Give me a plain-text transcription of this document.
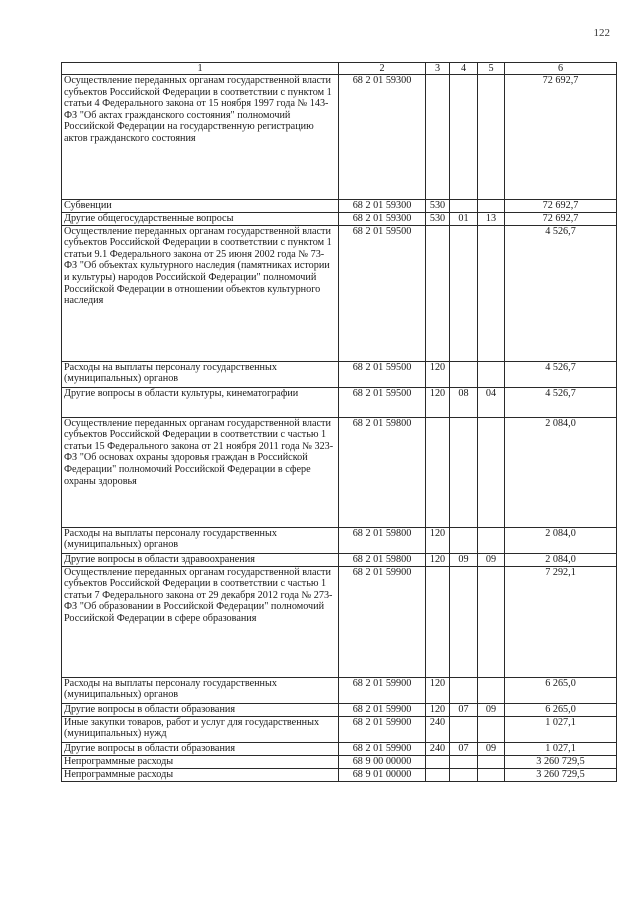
122
1	2	3	4	5	6
Осуществление переданных органам государственной власти субъектов Российской Федерации в соответствии с пунктом 1 статьи 4 Федерального закона от 15 ноября 1997 года № 143-ФЗ "Об актах гражданского состояния" полномочий Российской Федерации на государственную регистрацию актов гражданского состояния	68 2 01 59300				72 692,7
Субвенции	68 2 01 59300	530			72 692,7
Другие общегосударственные вопросы	68 2 01 59300	530	01	13	72 692,7
Осуществление переданных органам государственной власти субъектов Российской Федерации в соответствии с пунктом 1 статьи 9.1 Федерального закона от 25 июня 2002 года № 73-ФЗ "Об объектах культурного наследия (памятниках истории и культуры) народов Российской Федерации" полномочий Российской Федерации в отношении объектов культурного наследия	68 2 01 59500				4 526,7
Расходы на выплаты персоналу государственных (муниципальных) органов	68 2 01 59500	120			4 526,7
Другие вопросы в области культуры, кинематографии	68 2 01 59500	120	08	04	4 526,7
Осуществление переданных органам государственной власти субъектов Российской Федерации в соответствии с частью 1 статьи 15 Федерального закона от 21 ноября 2011 года № 323-ФЗ "Об основах охраны здоровья граждан в Российской Федерации" полномочий Российской Федерации в сфере охраны здоровья	68 2 01 59800				2 084,0
Расходы на выплаты персоналу государственных (муниципальных) органов	68 2 01 59800	120			2 084,0
Другие вопросы в области здравоохранения	68 2 01 59800	120	09	09	2 084,0
Осуществление переданных органам государственной власти субъектов Российской Федерации в соответствии с частью 1 статьи 7 Федерального закона от 29 декабря 2012 года № 273-ФЗ "Об образовании в Российской Федерации" полномочий Российской Федерации в сфере образования	68 2 01 59900				7 292,1
Расходы на выплаты персоналу государственных (муниципальных) органов	68 2 01 59900	120			6 265,0
Другие вопросы в области образования	68 2 01 59900	120	07	09	6 265,0
Иные закупки товаров, работ и услуг для государственных (муниципальных) нужд	68 2 01 59900	240			1 027,1
Другие вопросы в области образования	68 2 01 59900	240	07	09	1 027,1
Непрограммные расходы	68 9 00 00000				3 260 729,5
Непрограммные расходы	68 9 01 00000				3 260 729,5
